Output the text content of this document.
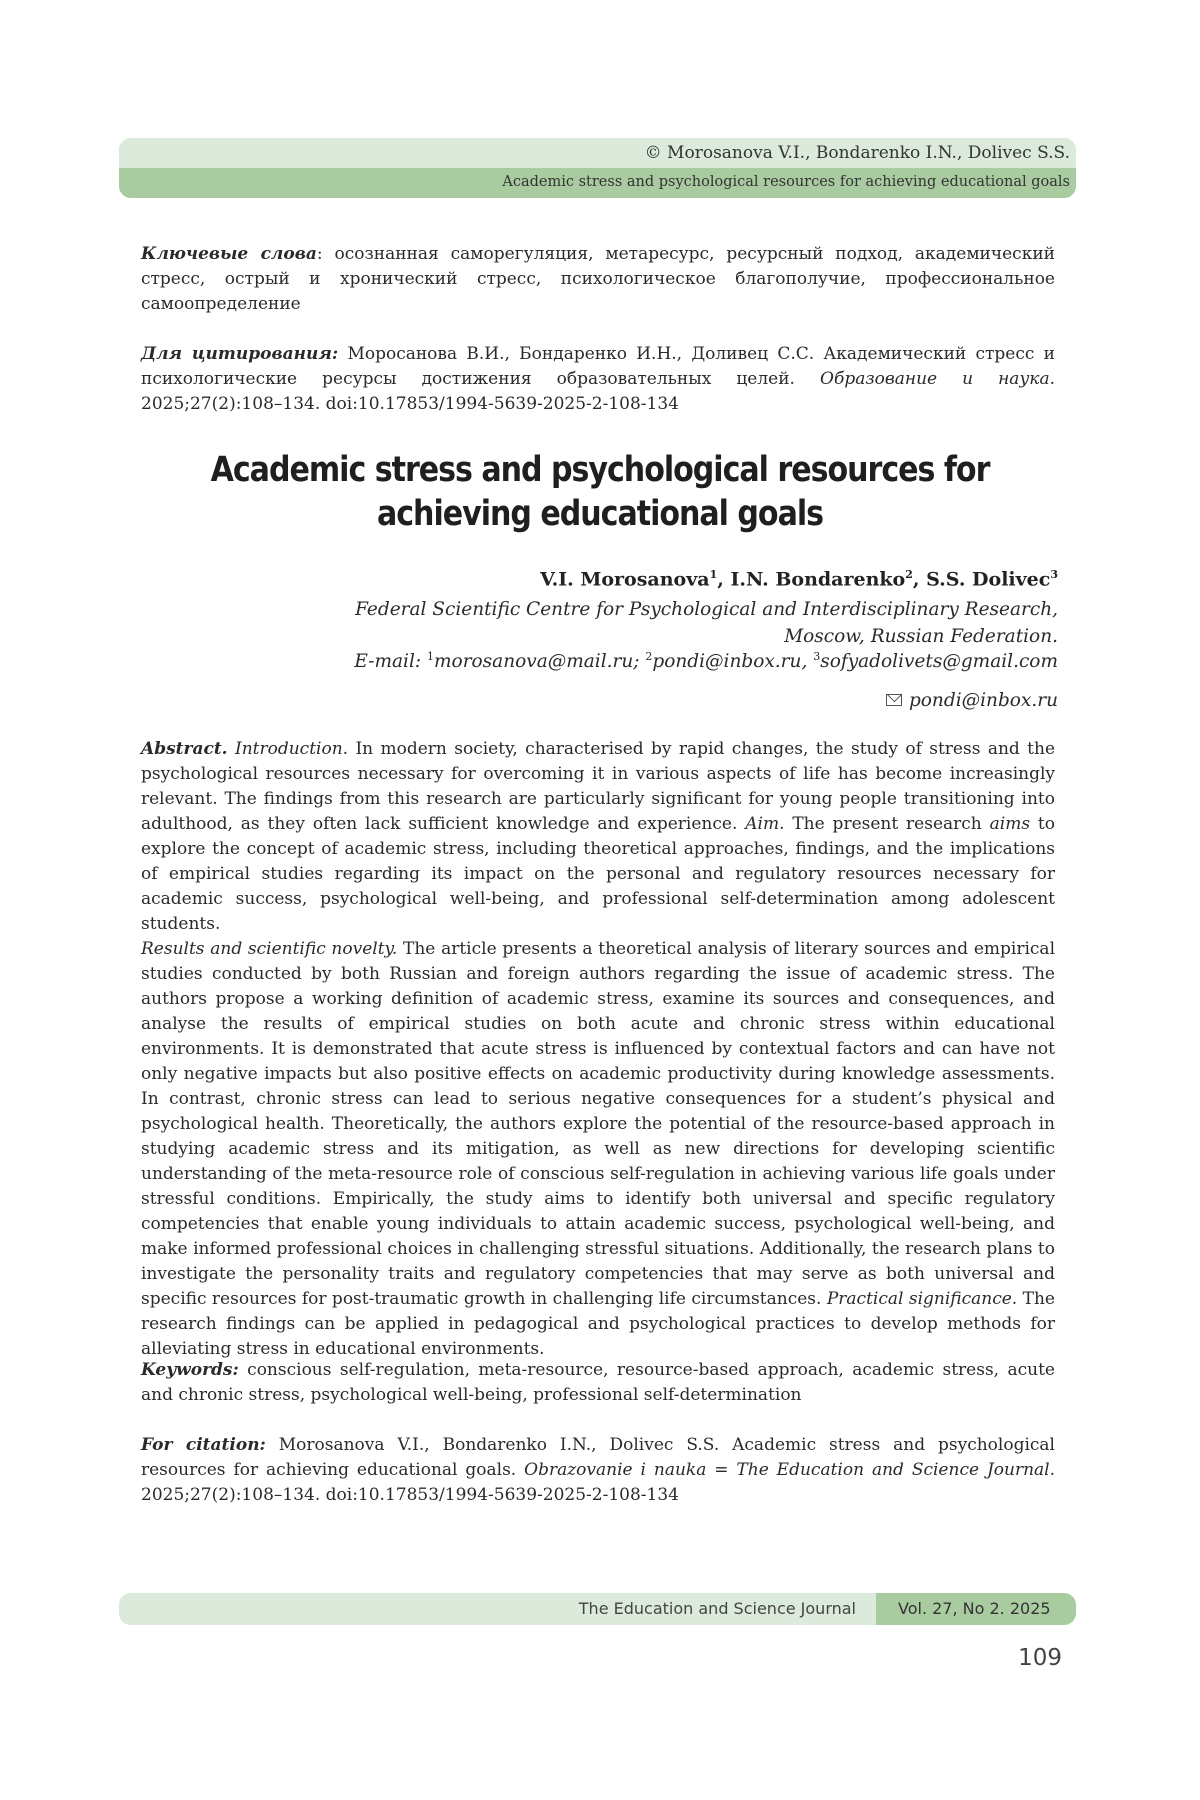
© Morosanova V.I., Bondarenko I.N., Dolivec S.S.
Academic stress and psychological resources for achieving educational goals
Ключевые слова: осознанная саморегуляция, метаресурс, ресурсный подход, академический стресс, острый и хронический стресс, психологическое благополучие, профессиональное самоопределение
Для цитирования: Моросанова В.И., Бондаренко И.Н., Доливец С.С. Академический стресс и психологические ресурсы достижения образовательных целей. Образование и наука. 2025;27(2):108–134. doi:10.17853/1994-5639-2025-2-108-134
Academic stress and psychological resources for achieving educational goals
V.I. Morosanova$^1$, I.N. Bondarenko$^2$, S.S. Dolivec$^3$
Federal Scientific Centre for Psychological and Interdisciplinary Research,
Moscow, Russian Federation.
E-mail: $^1$morosanova@mail.ru; $^2$pondi@inbox.ru, $^3$sofyadolivets@gmail.com
pondi@inbox.ru

Abstract. Introduction. In modern society, characterised by rapid changes, the study of stress and the psychological resources necessary for overcoming it in various aspects of life has become increasingly relevant. The findings from this research are particularly significant for young people transitioning into adulthood, as they often lack sufficient knowledge and experience. Aim. The present research aims to explore the concept of academic stress, including theoretical approaches, findings, and the implications of empirical studies regarding its impact on the personal and regulatory resources necessary for academic success, psychological well-being, and professional self-determination among adolescent students.

Results and scientific novelty. The article presents a theoretical analysis of literary sources and empirical studies conducted by both Russian and foreign authors regarding the issue of academic stress. The authors propose a working definition of academic stress, examine its sources and consequences, and analyse the results of empirical studies on both acute and chronic stress within educational environments. It is demonstrated that acute stress is influenced by contextual factors and can have not only negative impacts but also positive effects on academic productivity during knowledge assessments. In contrast, chronic stress can lead to serious negative consequences for a student’s physical and psychological health. Theoretically, the authors explore the potential of the resource-based approach in studying academic stress and its mitigation, as well as new directions for developing scientific understanding of the meta-resource role of conscious self-regulation in achieving various life goals under stressful conditions. Empirically, the study aims to identify both universal and specific regulatory competencies that enable young individuals to attain academic success, psychological well-being, and make informed professional choices in challenging stressful situations. Additionally, the research plans to investigate the personality traits and regulatory competencies that may serve as both universal and specific resources for post-traumatic growth in challenging life circumstances. Practical significance. The research findings can be applied in pedagogical and psychological practices to develop methods for alleviating stress in educational environments.

Keywords: conscious self-regulation, meta-resource, resource-based approach, academic stress, acute and chronic stress, psychological well-being, professional self-determination
For citation: Morosanova V.I., Bondarenko I.N., Dolivec S.S. Academic stress and psychological resources for achieving educational goals. Obrazovanie i nauka = The Education and Science Journal. 2025;27(2):108–134. doi:10.17853/1994-5639-2025-2-108-134
The Education and Science Journal	Vol. 27, No 2. 2025
109
